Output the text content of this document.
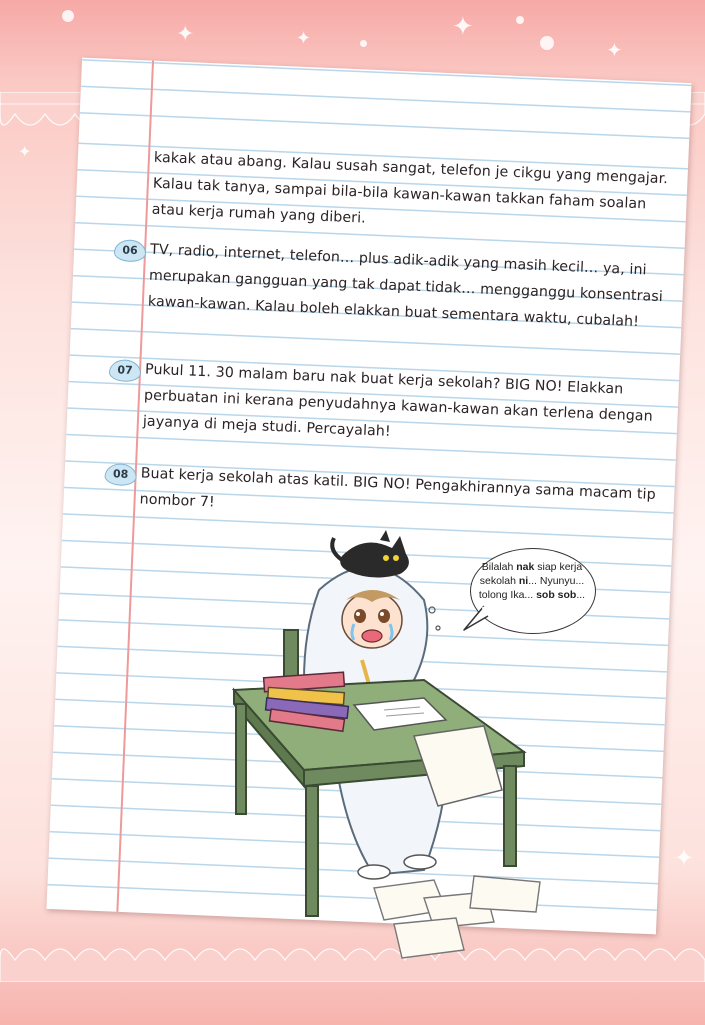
✦	✦	✦
✦
✦
✦	kakak atau abang. Kalau susah sangat, telefon je cikgu yang mengajar. Kalau tak tanya, sampai bila-bila kawan-kawan takkan faham soalan atau kerja rumah yang diberi.
06 TV, radio, internet, telefon… plus adik-adik yang masih kecil… ya, ini merupakan gangguan yang tak dapat tidak… mengganggu konsentrasi kawan-kawan. Kalau boleh elakkan buat sementara waktu, cubalah!
07 Pukul 11. 30 malam baru nak buat kerja sekolah? BIG NO! Elakkan perbuatan ini kerana penyudahnya kawan-kawan akan terlena dengan jayanya di meja studi. Percayalah!
08 Buat kerja sekolah atas katil. BIG NO! Pengakhirannya sama macam tip nombor 7!
Bilalah nak siap kerja sekolah ni... Nyunyu... tolong Ika... sob sob...
